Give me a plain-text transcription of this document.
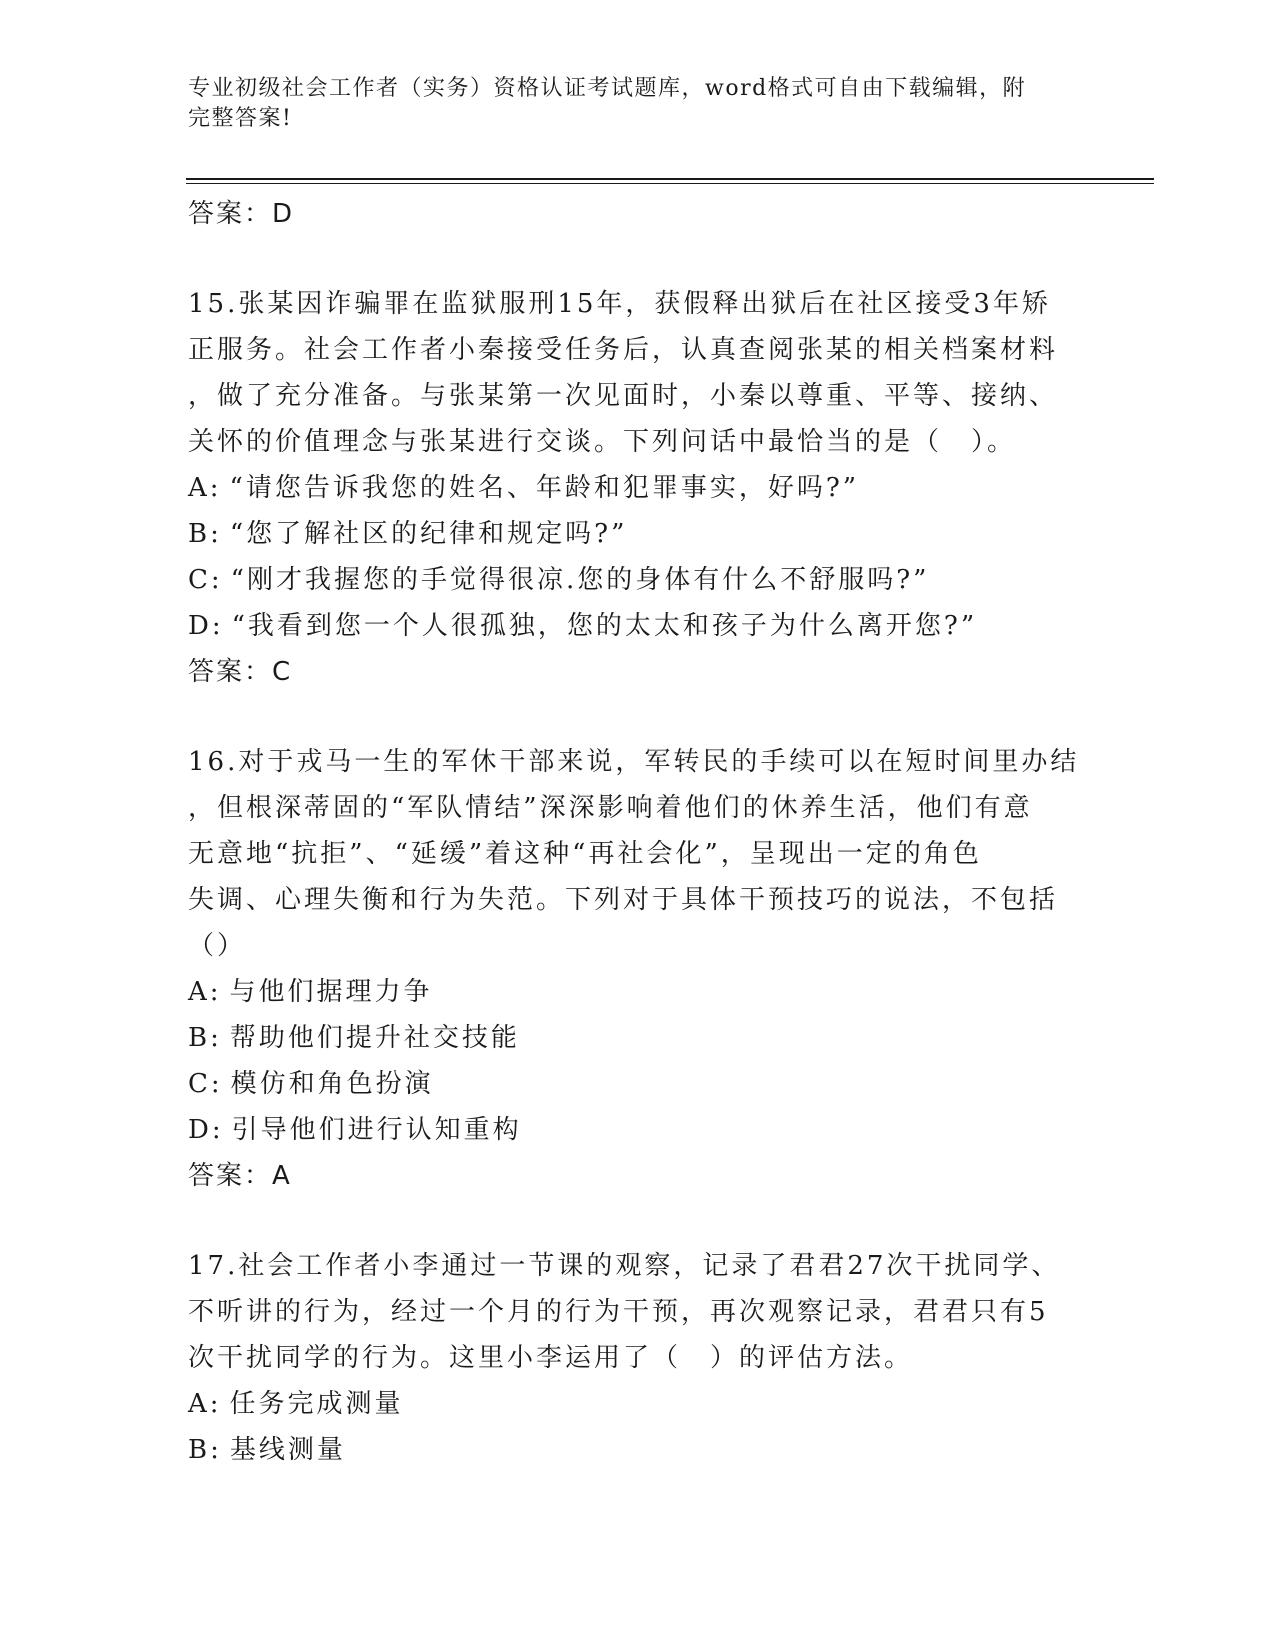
专业初级社会工作者（实务）资格认证考试题库，word格式可自由下载编辑，附
完整答案!
答案：D
15.张某因诈骗罪在监狱服刑15年，获假释出狱后在社区接受3年矫
正服务。社会工作者小秦接受任务后，认真查阅张某的相关档案材料
，做了充分准备。与张某第一次见面时，小秦以尊重、平等、接纳、
关怀的价值理念与张某进行交谈。下列问话中最恰当的是（　）。
A: “请您告诉我您的姓名、年龄和犯罪事实，好吗?”
B: “您了解社区的纪律和规定吗?”
C: “刚才我握您的手觉得很凉.您的身体有什么不舒服吗?”
D: “我看到您一个人很孤独，您的太太和孩子为什么离开您?”
答案：C
16.对于戎马一生的军休干部来说，军转民的手续可以在短时间里办结
，但根深蒂固的“军队情结”深深影响着他们的休养生活，他们有意
无意地“抗拒”、“延缓”着这种“再社会化”，呈现出一定的角色
失调、心理失衡和行为失范。下列对于具体干预技巧的说法，不包括
（）
A: 与他们据理力争
B: 帮助他们提升社交技能
C: 模仿和角色扮演
D: 引导他们进行认知重构
答案：A
17.社会工作者小李通过一节课的观察，记录了君君27次干扰同学、
不听讲的行为，经过一个月的行为干预，再次观察记录，君君只有5
次干扰同学的行为。这里小李运用了（　）的评估方法。
A: 任务完成测量
B: 基线测量
